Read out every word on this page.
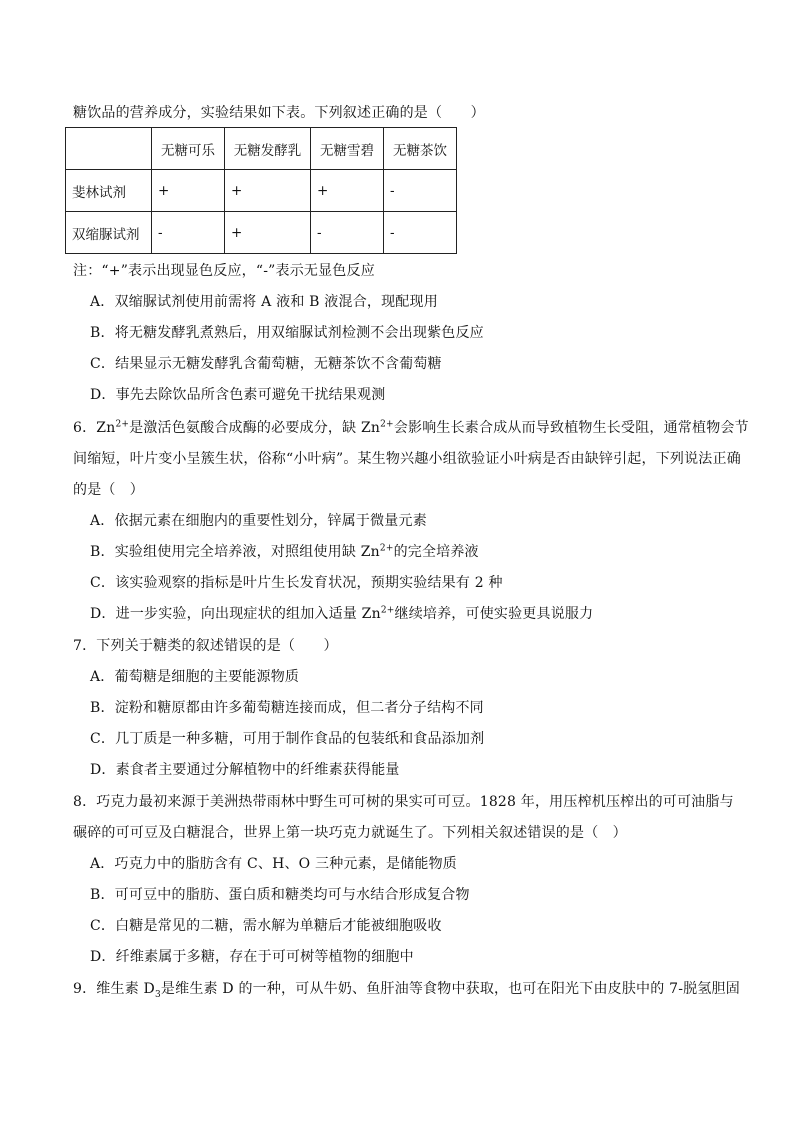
糖饮品的营养成分，实验结果如下表。下列叙述正确的是（　　）
	无糖可乐	无糖发酵乳	无糖雪碧	无糖茶饮
斐林试剂	+	+	+	-
双缩脲试剂	-	+	-	-
注：“+”表示出现显色反应，“-”表示无显色反应
A．双缩脲试剂使用前需将 A 液和 B 液混合，现配现用
B．将无糖发酵乳煮熟后，用双缩脲试剂检测不会出现紫色反应
C．结果显示无糖发酵乳含葡萄糖，无糖茶饮不含葡萄糖
D．事先去除饮品所含色素可避免干扰结果观测
6．$Zn^{2+}$是激活色氨酸合成酶的必要成分，缺 $Zn^{2+}$会影响生长素合成从而导致植物生长受阻，通常植物会节
间缩短，叶片变小呈簇生状，俗称“小叶病”。某生物兴趣小组欲验证小叶病是否由缺锌引起，下列说法正确
的是（　）
A．依据元素在细胞内的重要性划分，锌属于微量元素
B．实验组使用完全培养液，对照组使用缺 $Zn^{2+}$的完全培养液
C．该实验观察的指标是叶片生长发育状况，预期实验结果有 2 种
D．进一步实验，向出现症状的组加入适量 $Zn^{2+}$继续培养，可使实验更具说服力
7．下列关于糖类的叙述错误的是（　　）
A．葡萄糖是细胞的主要能源物质
B．淀粉和糖原都由许多葡萄糖连接而成，但二者分子结构不同
C．几丁质是一种多糖，可用于制作食品的包装纸和食品添加剂
D．素食者主要通过分解植物中的纤维素获得能量
8．巧克力最初来源于美洲热带雨林中野生可可树的果实可可豆。1828 年，用压榨机压榨出的可可油脂与
碾碎的可可豆及白糖混合，世界上第一块巧克力就诞生了。下列相关叙述错误的是（　）
A．巧克力中的脂肪含有 C、H、O 三种元素，是储能物质
B．可可豆中的脂肪、蛋白质和糖类均可与水结合形成复合物
C．白糖是常见的二糖，需水解为单糖后才能被细胞吸收
D．纤维素属于多糖，存在于可可树等植物的细胞中
9．维生素 $D_3$是维生素 D 的一种，可从牛奶、鱼肝油等食物中获取，也可在阳光下由皮肤中的 7-脱氢胆固
